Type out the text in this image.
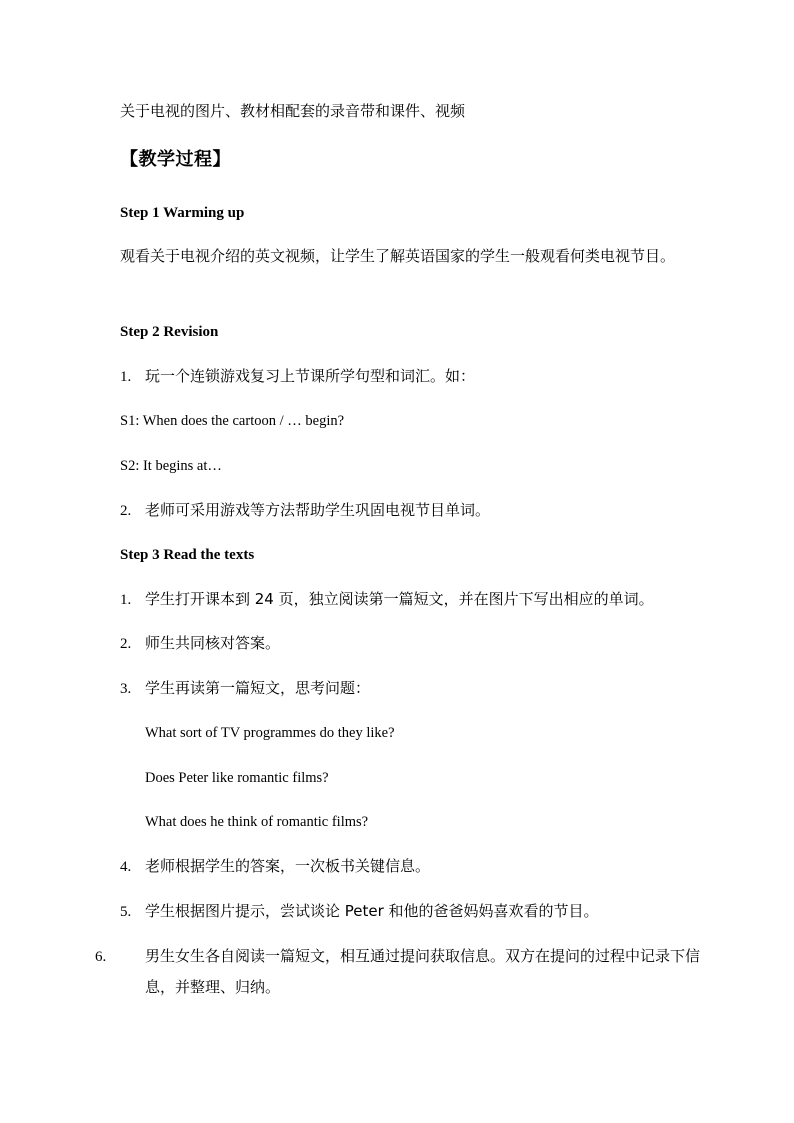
关于电视的图片、教材相配套的录音带和课件、视频
【教学过程】
Step 1 Warming up
观看关于电视介绍的英文视频，让学生了解英语国家的学生一般观看何类电视节目。
Step 2 Revision
1. 玩一个连锁游戏复习上节课所学句型和词汇。如：
S1: When does the cartoon / … begin?
S2: It begins at…
2. 老师可采用游戏等方法帮助学生巩固电视节目单词。
Step 3 Read the texts
1. 学生打开课本到 24 页，独立阅读第一篇短文，并在图片下写出相应的单词。
2. 师生共同核对答案。
3. 学生再读第一篇短文，思考问题：
What sort of TV programmes do they like?
Does Peter like romantic films?
What does he think of romantic films?
4. 老师根据学生的答案，一次板书关键信息。
5. 学生根据图片提示，尝试谈论 Peter 和他的爸爸妈妈喜欢看的节目。
6.	男生女生各自阅读一篇短文，相互通过提问获取信息。双方在提问的过程中记录下信息，并整理、归纳。
